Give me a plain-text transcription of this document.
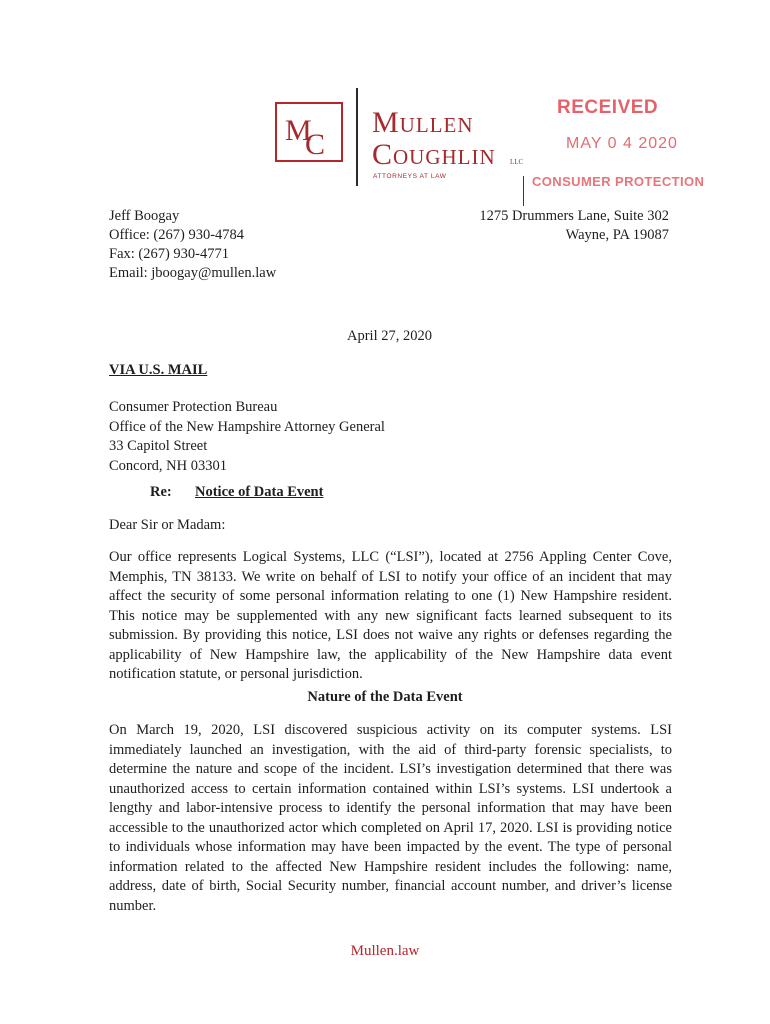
M
C
Mullen
Coughlin LLC
ATTORNEYS AT LAW
RECEIVED
MAY 0 4 2020
CONSUMER PROTECTION
Jeff Boogay
Office: (267) 930-4784
Fax: (267) 930-4771
Email: jboogay@mullen.law
1275 Drummers Lane, Suite 302
Wayne, PA 19087
April 27, 2020
VIA U.S. MAIL
Consumer Protection Bureau
Office of the New Hampshire Attorney General
33 Capitol Street
Concord, NH 03301
Re: Notice of Data Event
Dear Sir or Madam:
Our office represents Logical Systems, LLC (“LSI”), located at 2756 Appling Center Cove, Memphis, TN 38133. We write on behalf of LSI to notify your office of an incident that may affect the security of some personal information relating to one (1) New Hampshire resident. This notice may be supplemented with any new significant facts learned subsequent to its submission. By providing this notice, LSI does not waive any rights or defenses regarding the applicability of New Hampshire law, the applicability of the New Hampshire data event notification statute, or personal jurisdiction.
Nature of the Data Event
On March 19, 2020, LSI discovered suspicious activity on its computer systems. LSI immediately launched an investigation, with the aid of third-party forensic specialists, to determine the nature and scope of the incident. LSI’s investigation determined that there was unauthorized access to certain information contained within LSI’s systems. LSI undertook a lengthy and labor-intensive process to identify the personal information that may have been accessible to the unauthorized actor which completed on April 17, 2020. LSI is providing notice to individuals whose information may have been impacted by the event. The type of personal information related to the affected New Hampshire resident includes the following: name, address, date of birth, Social Security number, financial account number, and driver’s license number.
Mullen.law
